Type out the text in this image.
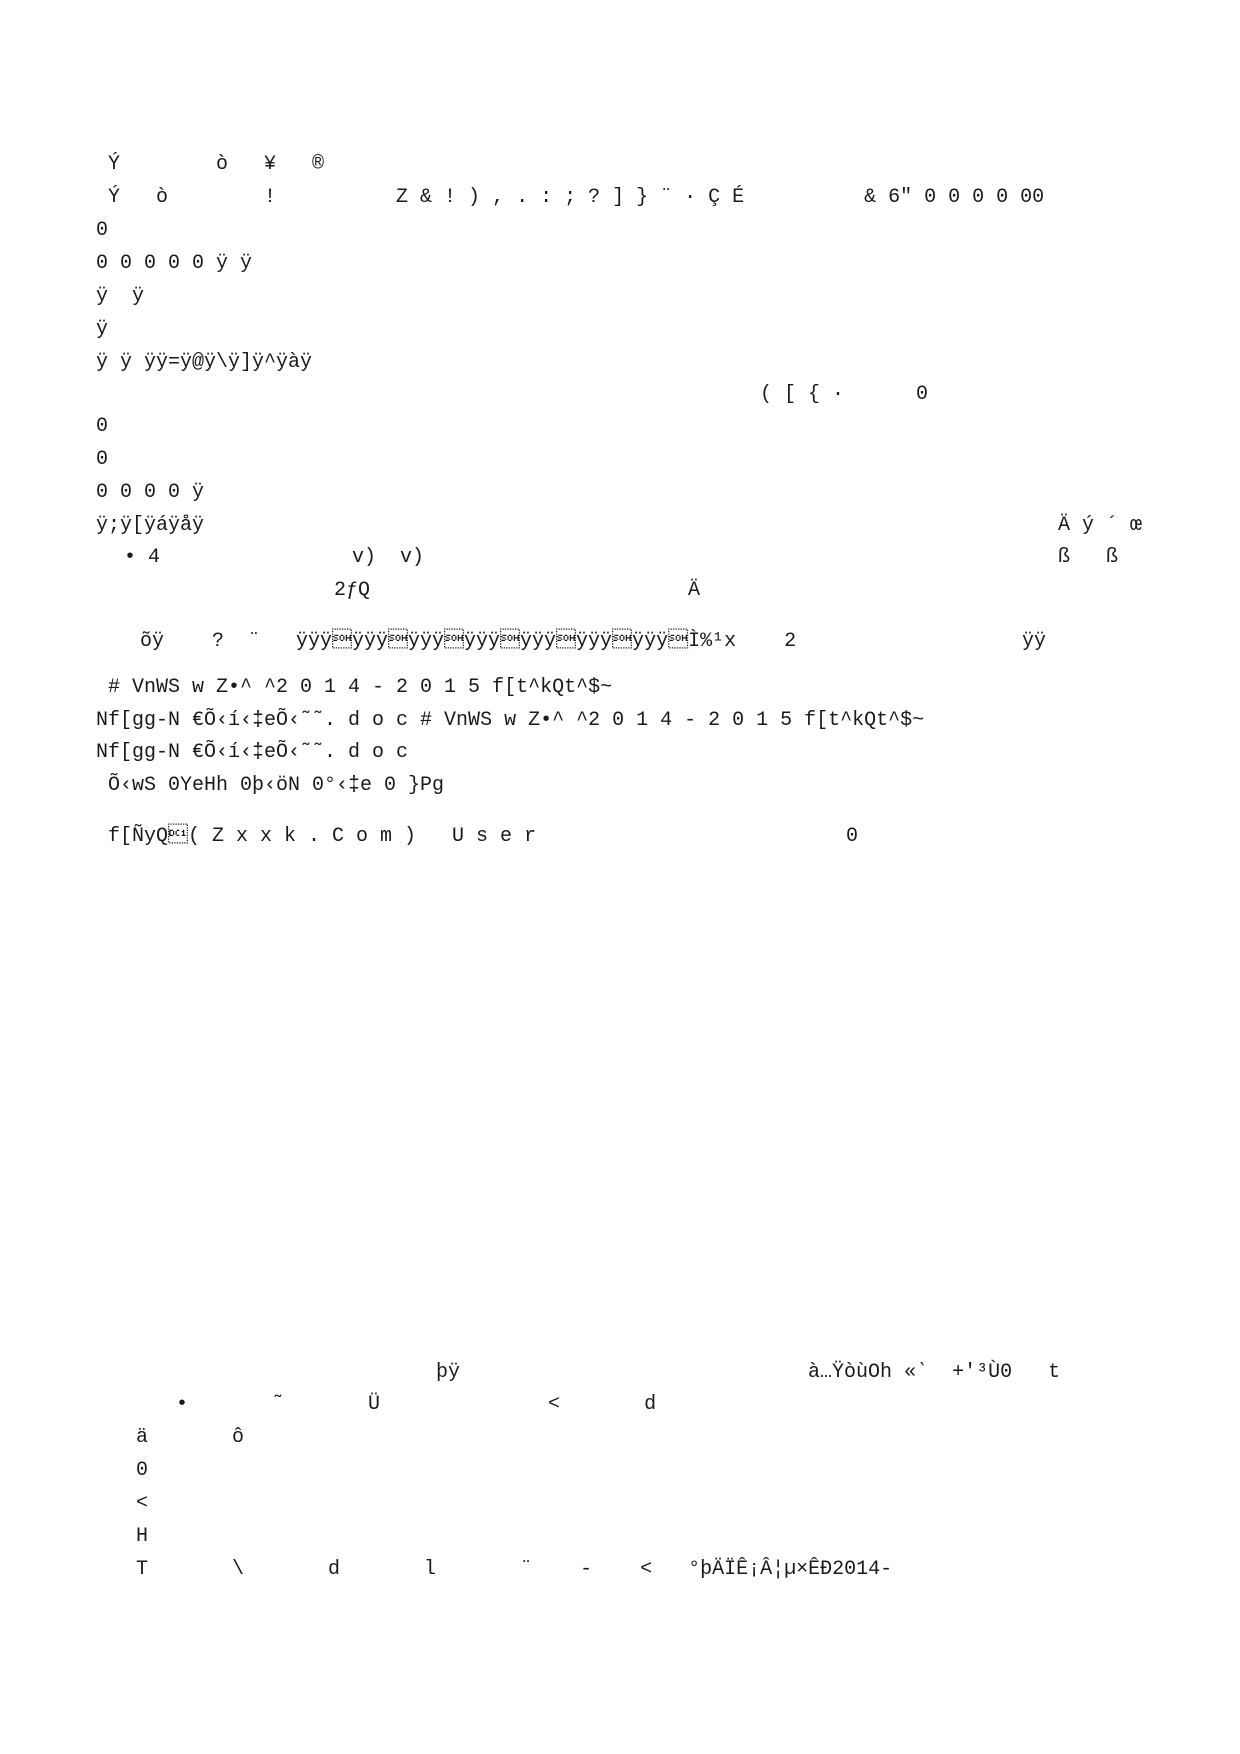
Ý        ò   ¥   ®
Ý   ò        !          Z & ! ) , . : ; ? ] } ¨ · Ç É          & 6" 0 0 0 0 00
0
0 0 0 0 0 ÿ ÿ
ÿ  ÿ
ÿ
ÿ ÿ ÿÿ=ÿ@ÿ\ÿ]ÿ^ÿàÿ
( [ { ·      0
0
0
0 0 0 0 ÿ
ÿ;ÿ[ÿáÿåÿ	Ä ý ´ œ
• 4                v)  v)	ß   ß
2ƒQ	Ä
õÿ    ?  ¨   ÿÿÿÿÿÿÿÿÿÿÿÿÿÿÿÿÿÿÿÿÿÌ%¹x    2	ÿÿ
# VnWS w Z•^ ^2 0 1 4 - 2 0 1 5 f[t^kQt^$~
Nf[gg-N €Õ‹í‹‡eÕ‹˜˜. d o c # VnWS w Z•^ ^2 0 1 4 - 2 0 1 5 f[t^kQt^$~
Nf[gg-N €Õ‹í‹‡eÕ‹˜˜. d o c
Õ‹wS 0YeHh 0þ‹öN 0°‹‡e 0 }Pg
f[ÑyQ( Z x x k . C o m )   U s e r	0
þÿ	à…ŸòùOh «‵  +'³Ù0   t
•       ˜       Ü              <       d
ä       ô
0
<
H
T       \       d       l       ¨    -    <   °þÄÏÊ¡Â¦µ×ÊÐ2014-
